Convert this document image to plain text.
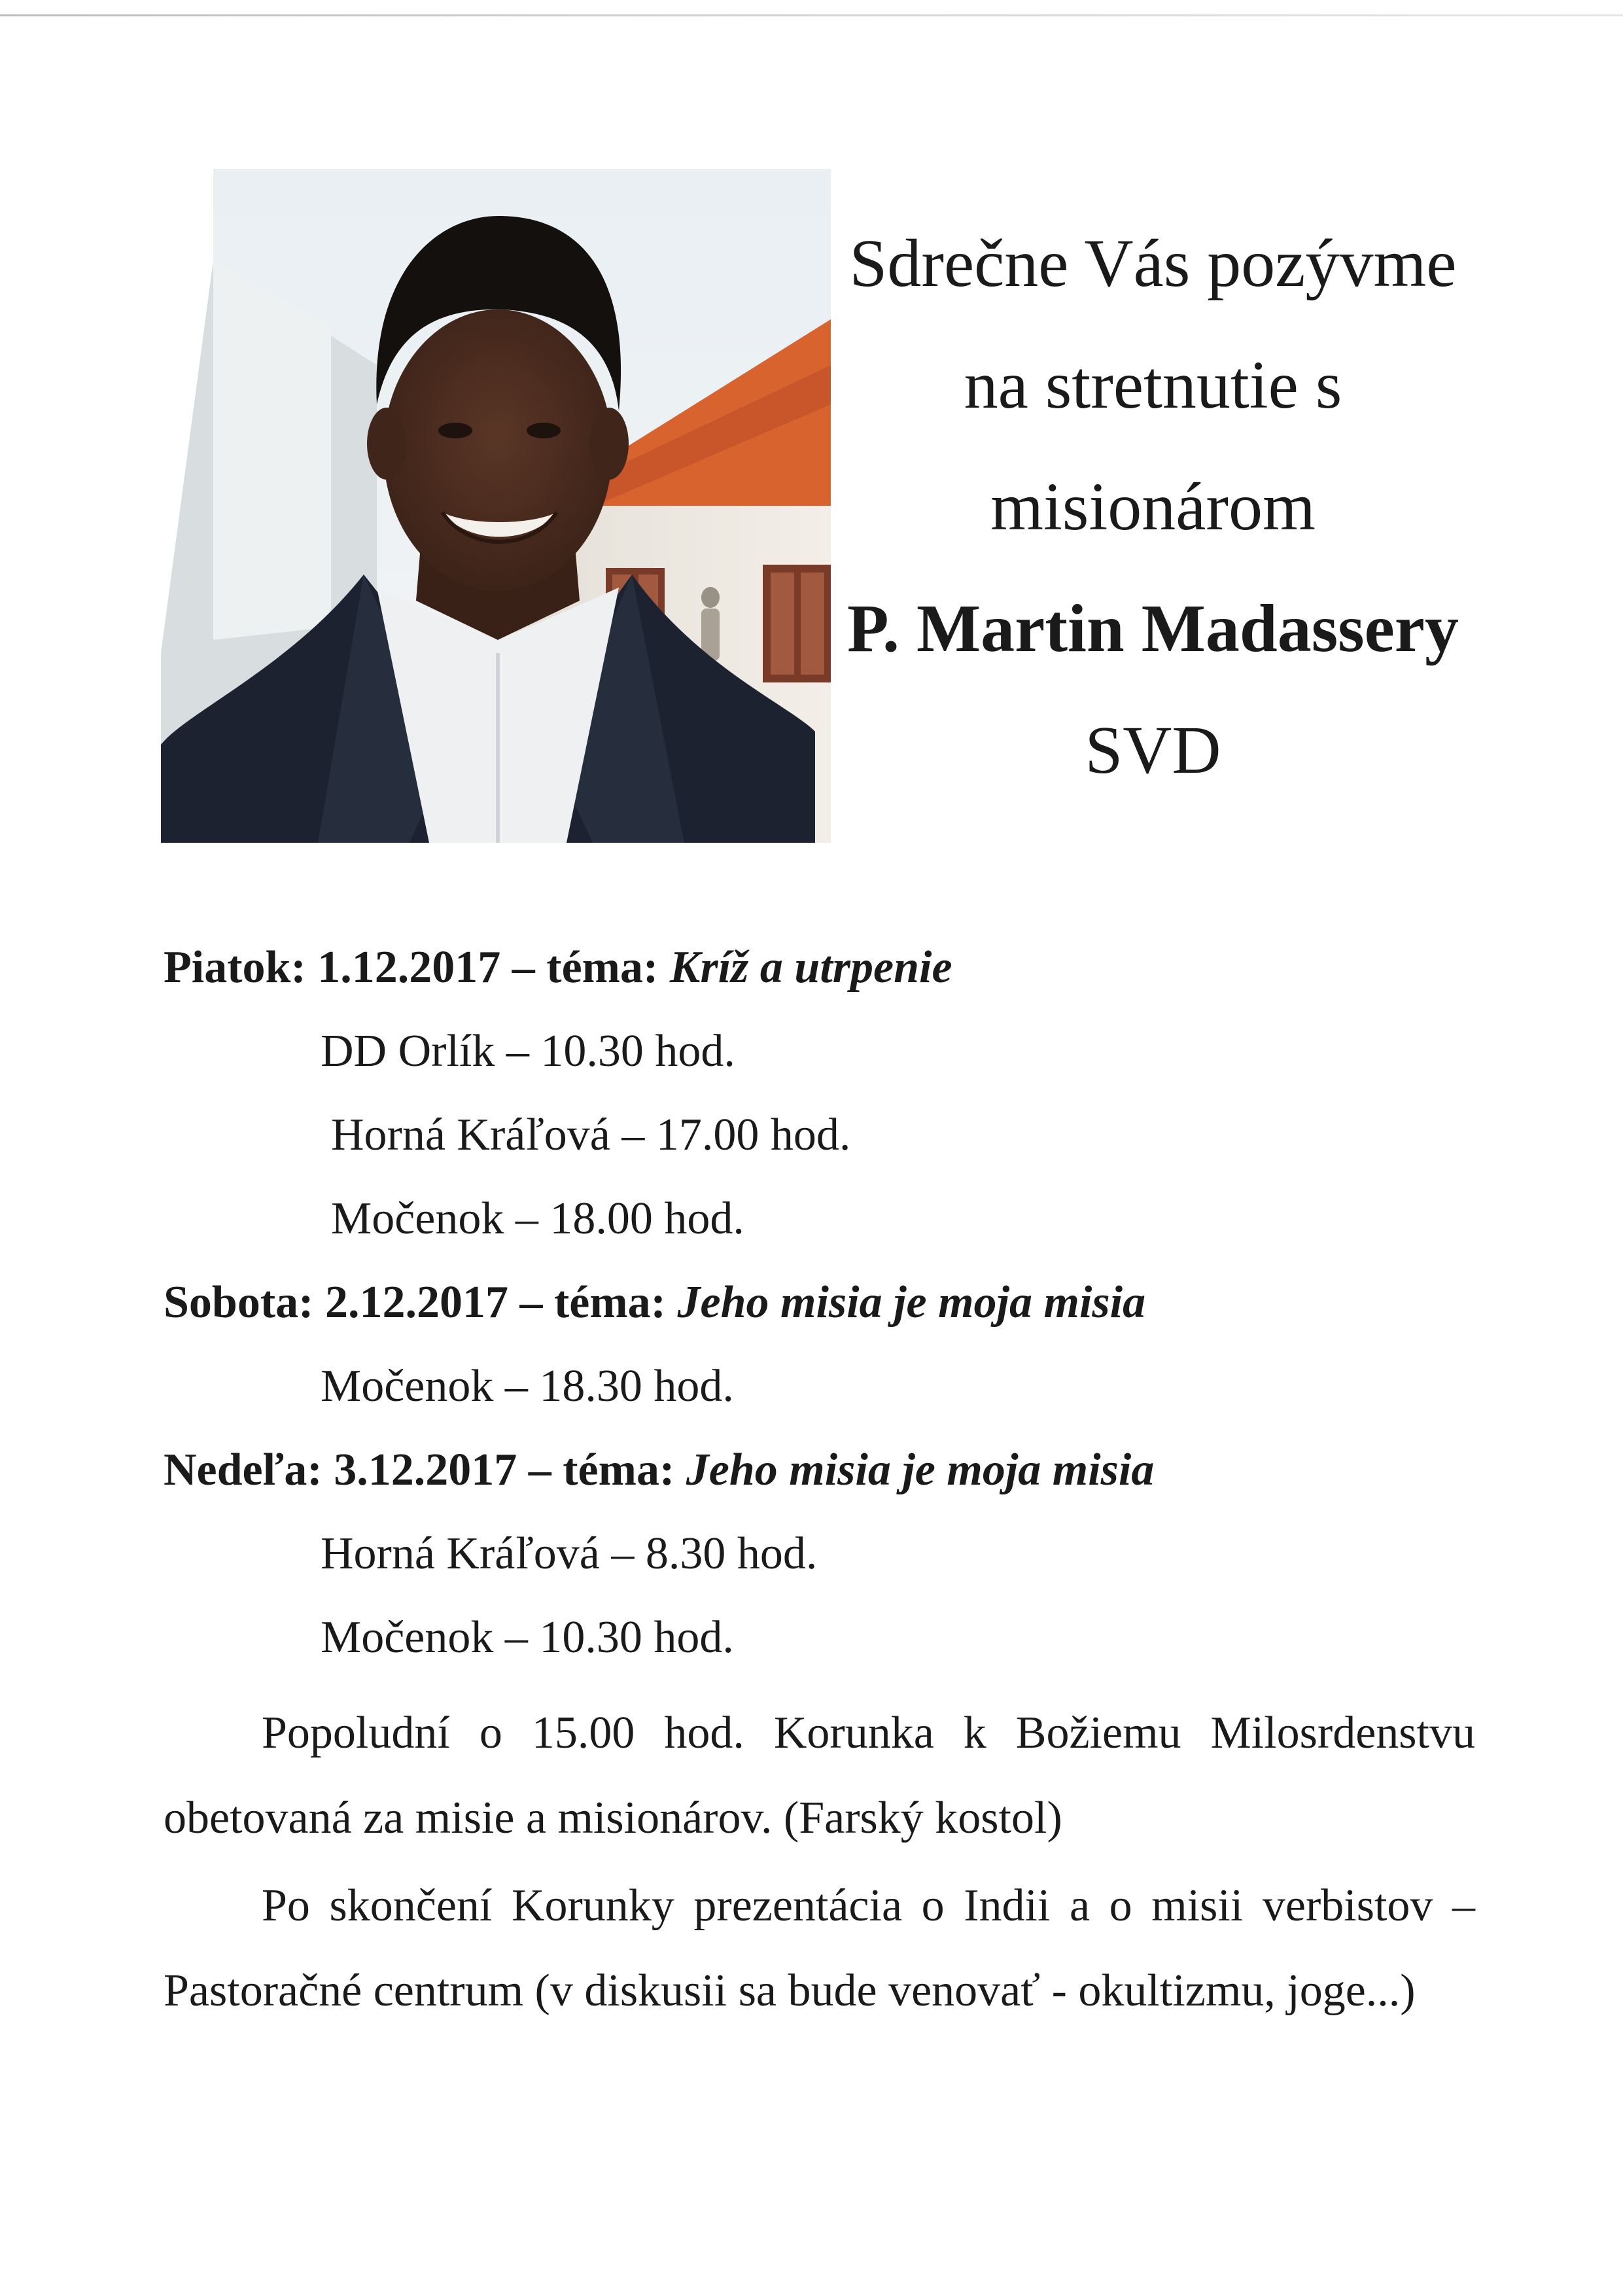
Sdrečne Vás pozývme
na stretnutie s
misionárom
P. Martin Madassery
SVD
Piatok: 1.12.2017 – téma: Kríž a utrpenie
DD Orlík – 10.30 hod.
Horná Kráľová – 17.00 hod.
Močenok – 18.00 hod.
Sobota: 2.12.2017 – téma: Jeho misia je moja misia
Močenok – 18.30 hod.
Nedeľa: 3.12.2017 – téma: Jeho misia je moja misia
Horná Kráľová – 8.30 hod.
Močenok – 10.30 hod.
Popoludní o 15.00 hod. Korunka k Božiemu Milosrdenstvu obetovaná za misie a misionárov. (Farský kostol)
Po skončení Korunky prezentácia o Indii a o misii verbistov – Pastoračné centrum (v diskusii sa bude venovať - okultizmu, joge...)
